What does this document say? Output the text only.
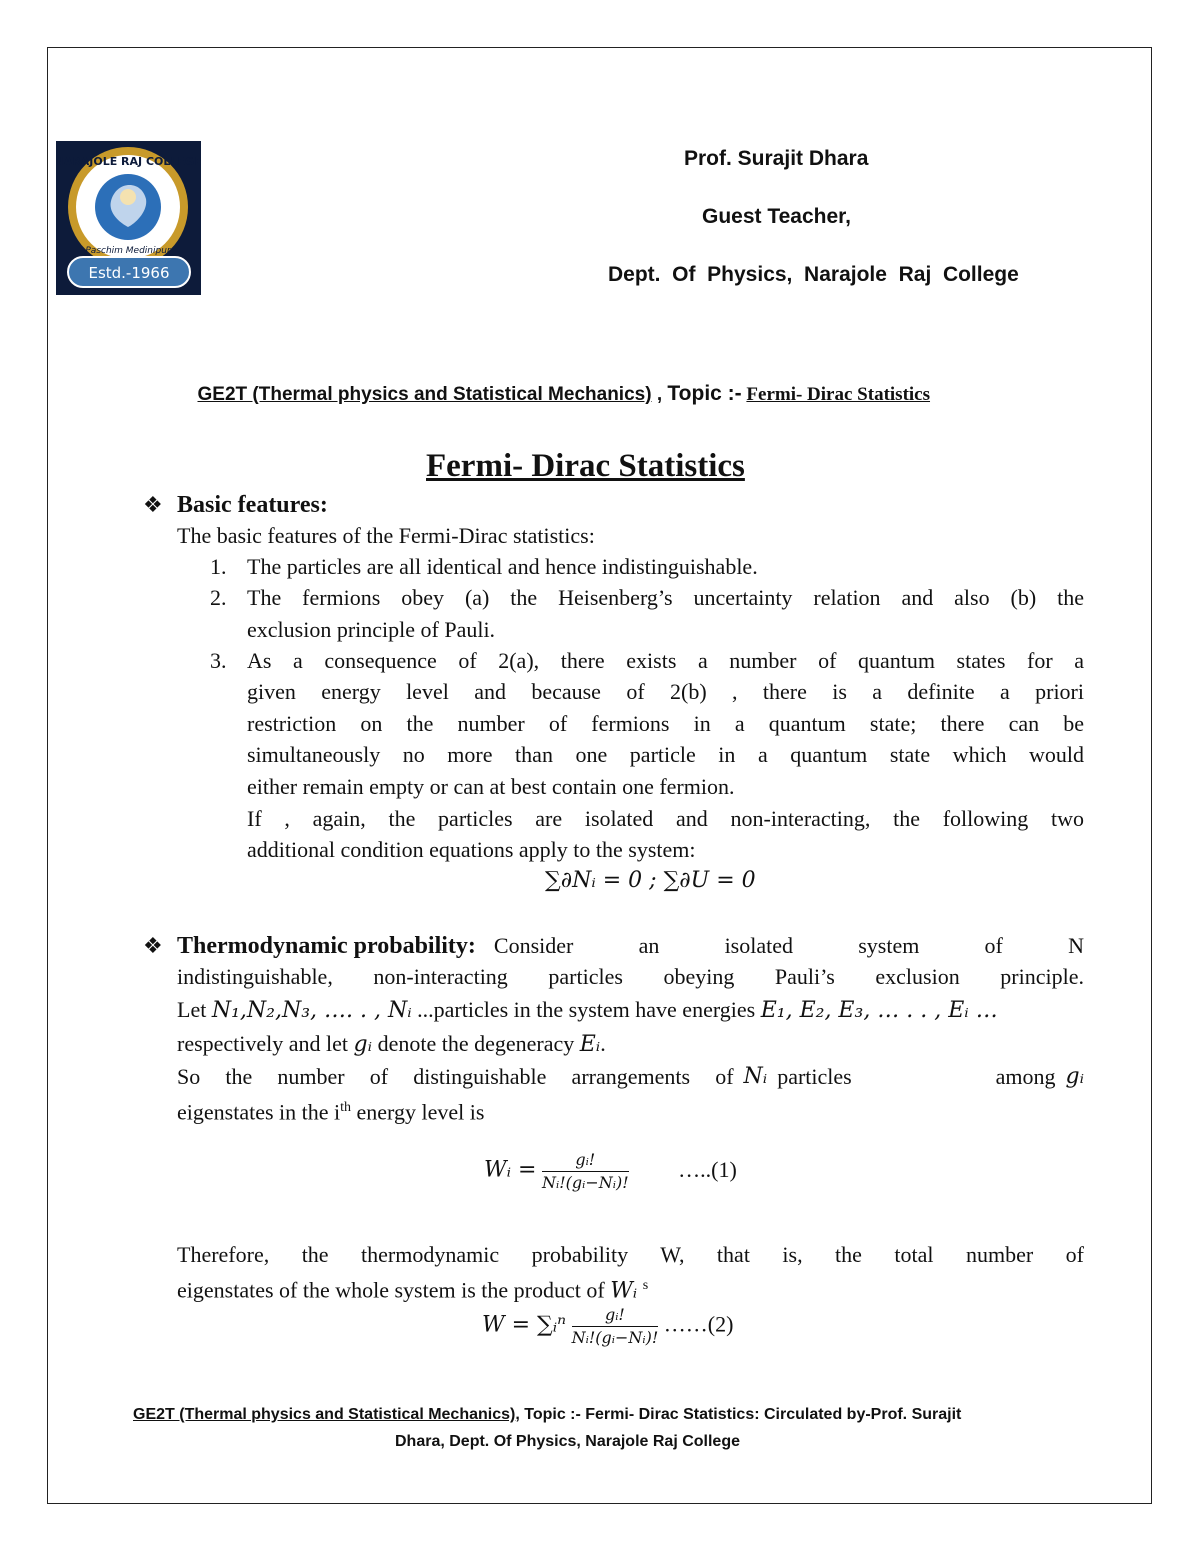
NARAJOLE RAJ COLLEGE
Paschim Medinipur
Estd.-1966
Prof. Surajit Dhara
Guest Teacher,
Dept.  Of  Physics,  Narajole  Raj  College

GE2T (Thermal physics and Statistical Mechanics) , Topic :- Fermi- Dirac Statistics

Fermi- Dirac Statistics
❖ Basic features:
The basic features of the Fermi-Dirac statistics:
1. The particles are all identical and hence indistinguishable.
2. The fermions obey (a) the Heisenberg’s uncertainty relation and also (b) the
exclusion principle of Pauli.
3. As a consequence of 2(a), there exists a number of quantum states for a
given energy level and because of 2(b) , there is a definite a priori
restriction on the number of fermions in a quantum state; there can be
simultaneously no more than one particle in a quantum state which would
either remain empty or can at best contain one fermion.
If , again, the particles are isolated and non-interacting, the following two
additional condition equations apply to the system:
∑∂Nᵢ = 0 ; ∑∂U = 0
❖ Thermodynamic probability: Consider an isolated system of N
indistinguishable, non-interacting particles obeying Pauli’s exclusion principle.
Let N₁,N₂,N₃, …. . , Nᵢ ...particles in the system have energies E₁, E₂, E₃, … . . , Eᵢ …
respectively and let gᵢ denote the degeneracy Eᵢ.
So the number of distinguishable arrangements of Nᵢ particles among gᵢ
eigenstates in the $i^{th}$ energy level is
Wᵢ = $\frac{\text{gᵢ!}}{\text{Nᵢ!(gᵢ−Nᵢ)!}}$ …..(1)
Therefore, the thermodynamic probability W, that is, the total number of
eigenstates of the whole system is the product of Wᵢ $^s$
W = ∑ᵢⁿ $\frac{\text{gᵢ!}}{\text{Nᵢ!(gᵢ−Nᵢ)!}}$ ……(2)
GE2T (Thermal physics and Statistical Mechanics), Topic :- Fermi- Dirac Statistics: Circulated by-Prof. Surajit
Dhara, Dept. Of Physics, Narajole Raj College
